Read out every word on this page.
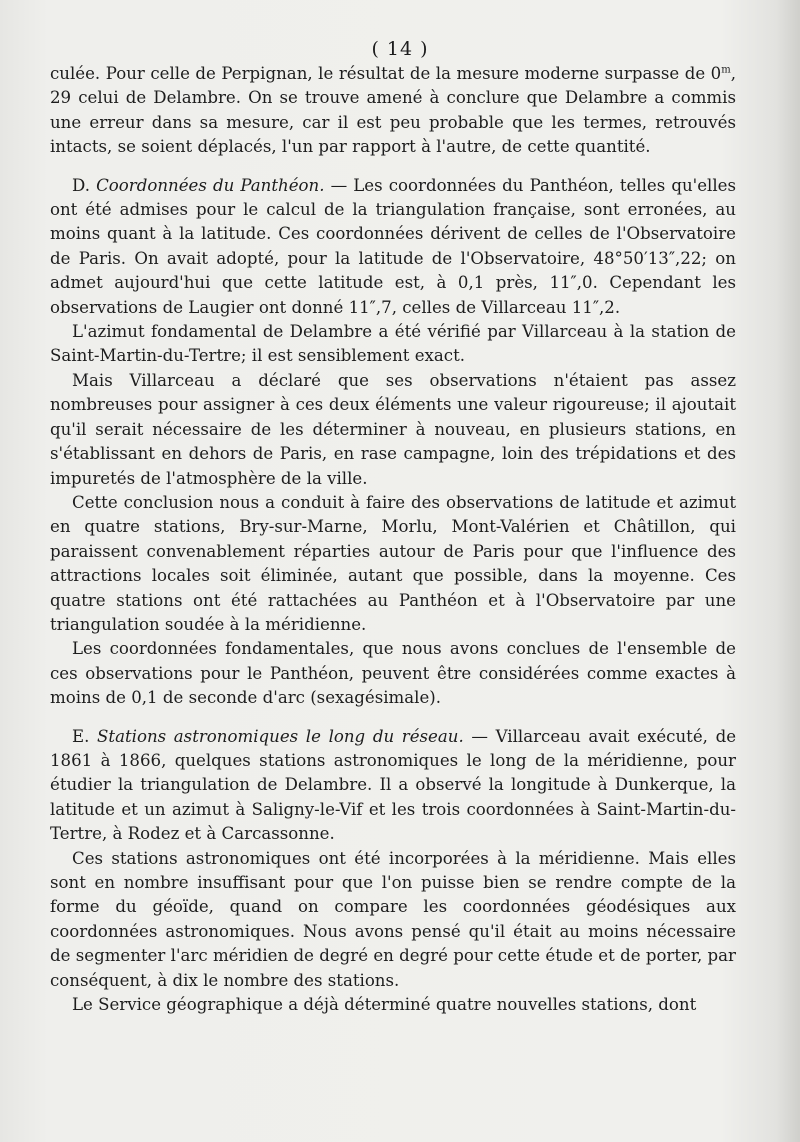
( 14 )

culée. Pour celle de Perpignan, le résultat de la mesure moderne surpasse de 0$^m$, 29 celui de Delambre. On se trouve amené à conclure que Delambre a commis une erreur dans sa mesure, car il est peu probable que les termes, retrouvés intacts, se soient déplacés, l'un par rapport à l'autre, de cette quantité.

D. Coordonnées du Panthéon. — Les coordonnées du Panthéon, telles qu'elles ont été admises pour le calcul de la triangulation française, sont erronées, au moins quant à la latitude. Ces coordonnées dérivent de celles de l'Observatoire de Paris. On avait adopté, pour la latitude de l'Observatoire, 48°50′13″,22; on admet aujourd'hui que cette latitude est, à 0,1 près, 11″,0. Cependant les observations de Laugier ont donné 11″,7, celles de Villarceau 11″,2.

L'azimut fondamental de Delambre a été vérifié par Villarceau à la station de Saint-Martin-du-Tertre; il est sensiblement exact.

Mais Villarceau a déclaré que ses observations n'étaient pas assez nombreuses pour assigner à ces deux éléments une valeur rigoureuse; il ajoutait qu'il serait nécessaire de les déterminer à nouveau, en plusieurs stations, en s'établissant en dehors de Paris, en rase campagne, loin des trépidations et des impuretés de l'atmosphère de la ville.

Cette conclusion nous a conduit à faire des observations de latitude et azimut en quatre stations, Bry-sur-Marne, Morlu, Mont-Valérien et Châtillon, qui paraissent convenablement réparties autour de Paris pour que l'influence des attractions locales soit éliminée, autant que possible, dans la moyenne. Ces quatre stations ont été rattachées au Panthéon et à l'Observatoire par une triangulation soudée à la méridienne.

Les coordonnées fondamentales, que nous avons conclues de l'ensemble de ces observations pour le Panthéon, peuvent être considérées comme exactes à moins de 0,1 de seconde d'arc (sexagésimale).

E. Stations astronomiques le long du réseau. — Villarceau avait exécuté, de 1861 à 1866, quelques stations astronomiques le long de la méridienne, pour étudier la triangulation de Delambre. Il a observé la longitude à Dunkerque, la latitude et un azimut à Saligny-le-Vif et les trois coordonnées à Saint-Martin-du-Tertre, à Rodez et à Carcassonne.

Ces stations astronomiques ont été incorporées à la méridienne. Mais elles sont en nombre insuffisant pour que l'on puisse bien se rendre compte de la forme du géoïde, quand on compare les coordonnées géodésiques aux coordonnées astronomiques. Nous avons pensé qu'il était au moins nécessaire de segmenter l'arc méridien de degré en degré pour cette étude et de porter, par conséquent, à dix le nombre des stations.

Le Service géographique a déjà déterminé quatre nouvelles stations, dont
